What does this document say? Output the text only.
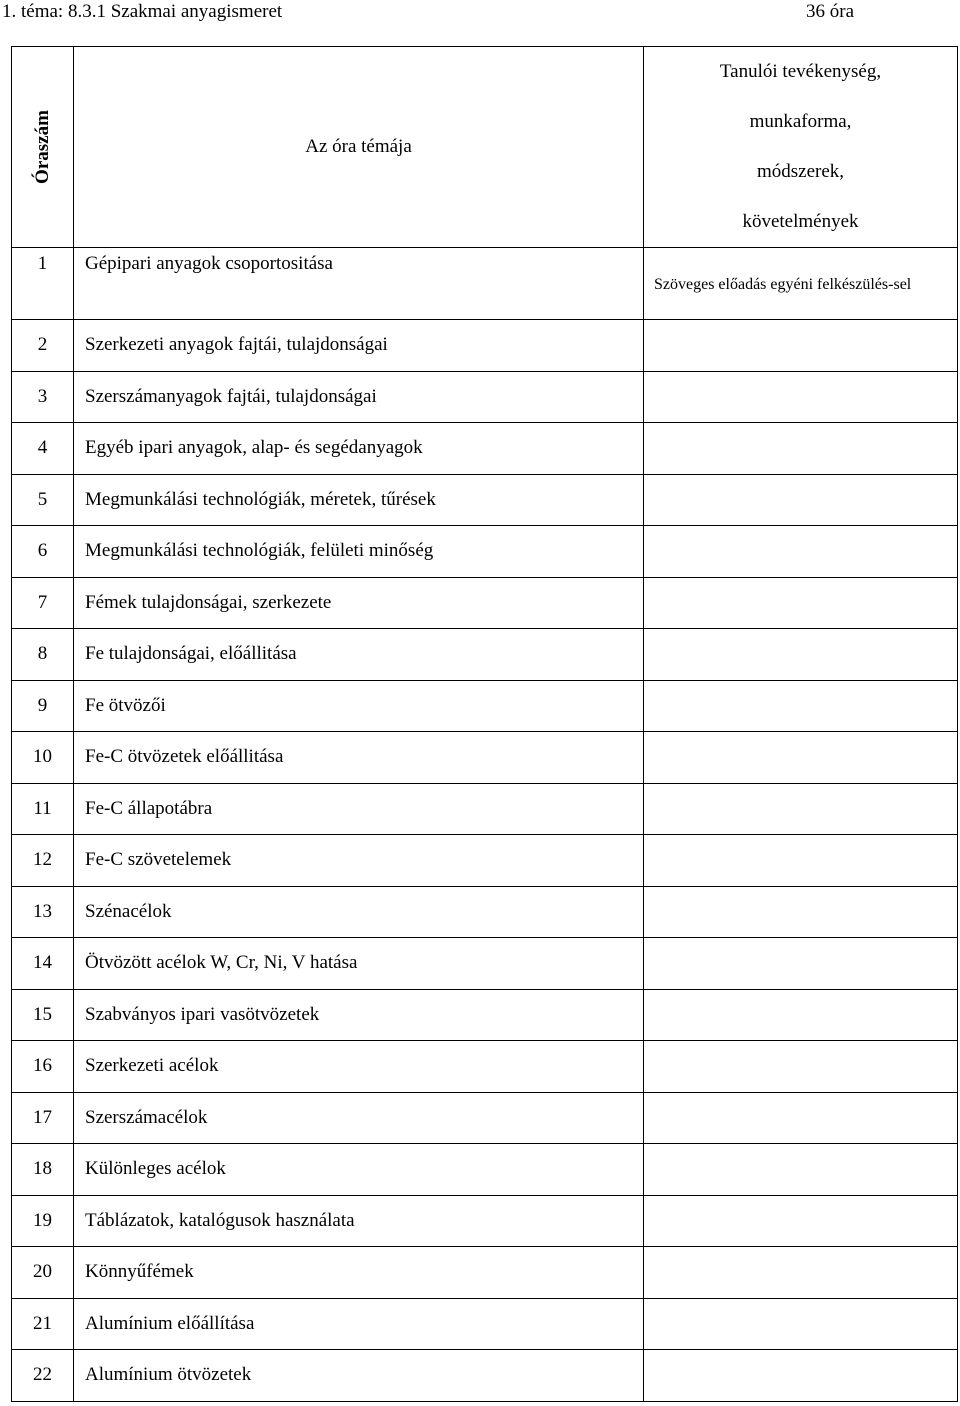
1. téma: 8.3.1 Szakmai anyagismeret	36 óra
Óraszám	Az óra témája	Tanulói tevékenység,
munkaforma,
módszerek,
követelmények

1	Gépipari anyagok csoportositása	Szöveges előadás egyéni felkészülés-sel
2	Szerkezeti anyagok fajtái, tulajdonságai	
3	Szerszámanyagok fajtái, tulajdonságai	
4	Egyéb ipari anyagok, alap- és segédanyagok	
5	Megmunkálási technológiák, méretek, tűrések	
6	Megmunkálási technológiák, felületi minőség	
7	Fémek tulajdonságai, szerkezete	
8	Fe tulajdonságai, előállitása	
9	Fe ötvözői	
10	Fe-C ötvözetek előállitása	
11	Fe-C állapotábra	
12	Fe-C szövetelemek	
13	Szénacélok	
14	Ötvözött acélok W, Cr, Ni, V hatása	
15	Szabványos ipari vasötvözetek	
16	Szerkezeti acélok	
17	Szerszámacélok	
18	Különleges acélok	
19	Táblázatok, katalógusok használata	
20	Könnyűfémek	
21	Alumínium előállítása	
22	Alumínium ötvözetek	
